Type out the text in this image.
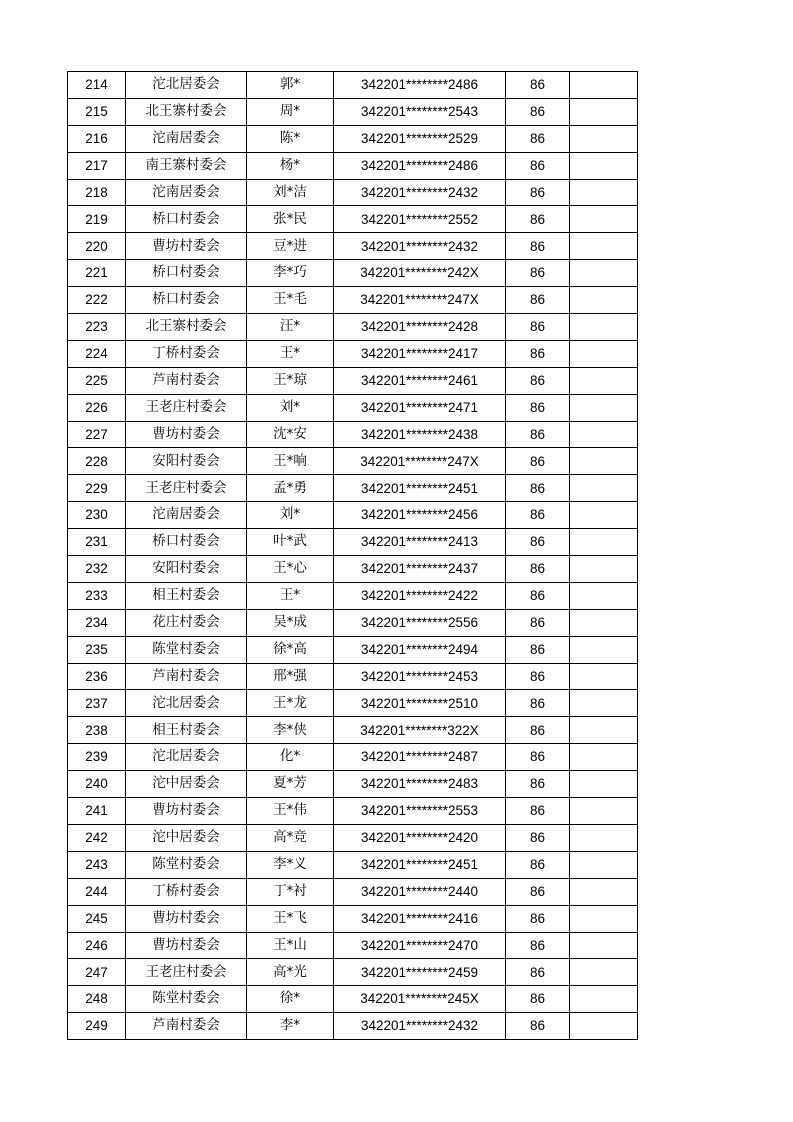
214	沱北居委会	郭*	342201********2486	86	
215	北王寨村委会	周*	342201********2543	86	
216	沱南居委会	陈*	342201********2529	86	
217	南王寨村委会	杨*	342201********2486	86	
218	沱南居委会	刘*洁	342201********2432	86	
219	桥口村委会	张*民	342201********2552	86	
220	曹坊村委会	豆*进	342201********2432	86	
221	桥口村委会	李*巧	342201********242X	86	
222	桥口村委会	王*毛	342201********247X	86	
223	北王寨村委会	汪*	342201********2428	86	
224	丁桥村委会	王*	342201********2417	86	
225	芦南村委会	王*琼	342201********2461	86	
226	王老庄村委会	刘*	342201********2471	86	
227	曹坊村委会	沈*安	342201********2438	86	
228	安阳村委会	王*响	342201********247X	86	
229	王老庄村委会	孟*勇	342201********2451	86	
230	沱南居委会	刘*	342201********2456	86	
231	桥口村委会	叶*武	342201********2413	86	
232	安阳村委会	王*心	342201********2437	86	
233	相王村委会	王*	342201********2422	86	
234	花庄村委会	吴*成	342201********2556	86	
235	陈堂村委会	徐*高	342201********2494	86	
236	芦南村委会	邢*强	342201********2453	86	
237	沱北居委会	王*龙	342201********2510	86	
238	相王村委会	李*侠	342201********322X	86	
239	沱北居委会	化*	342201********2487	86	
240	沱中居委会	夏*芳	342201********2483	86	
241	曹坊村委会	王*伟	342201********2553	86	
242	沱中居委会	高*竞	342201********2420	86	
243	陈堂村委会	李*义	342201********2451	86	
244	丁桥村委会	丁*衬	342201********2440	86	
245	曹坊村委会	王*飞	342201********2416	86	
246	曹坊村委会	王*山	342201********2470	86	
247	王老庄村委会	高*光	342201********2459	86	
248	陈堂村委会	徐*	342201********245X	86	
249	芦南村委会	李*	342201********2432	86	
